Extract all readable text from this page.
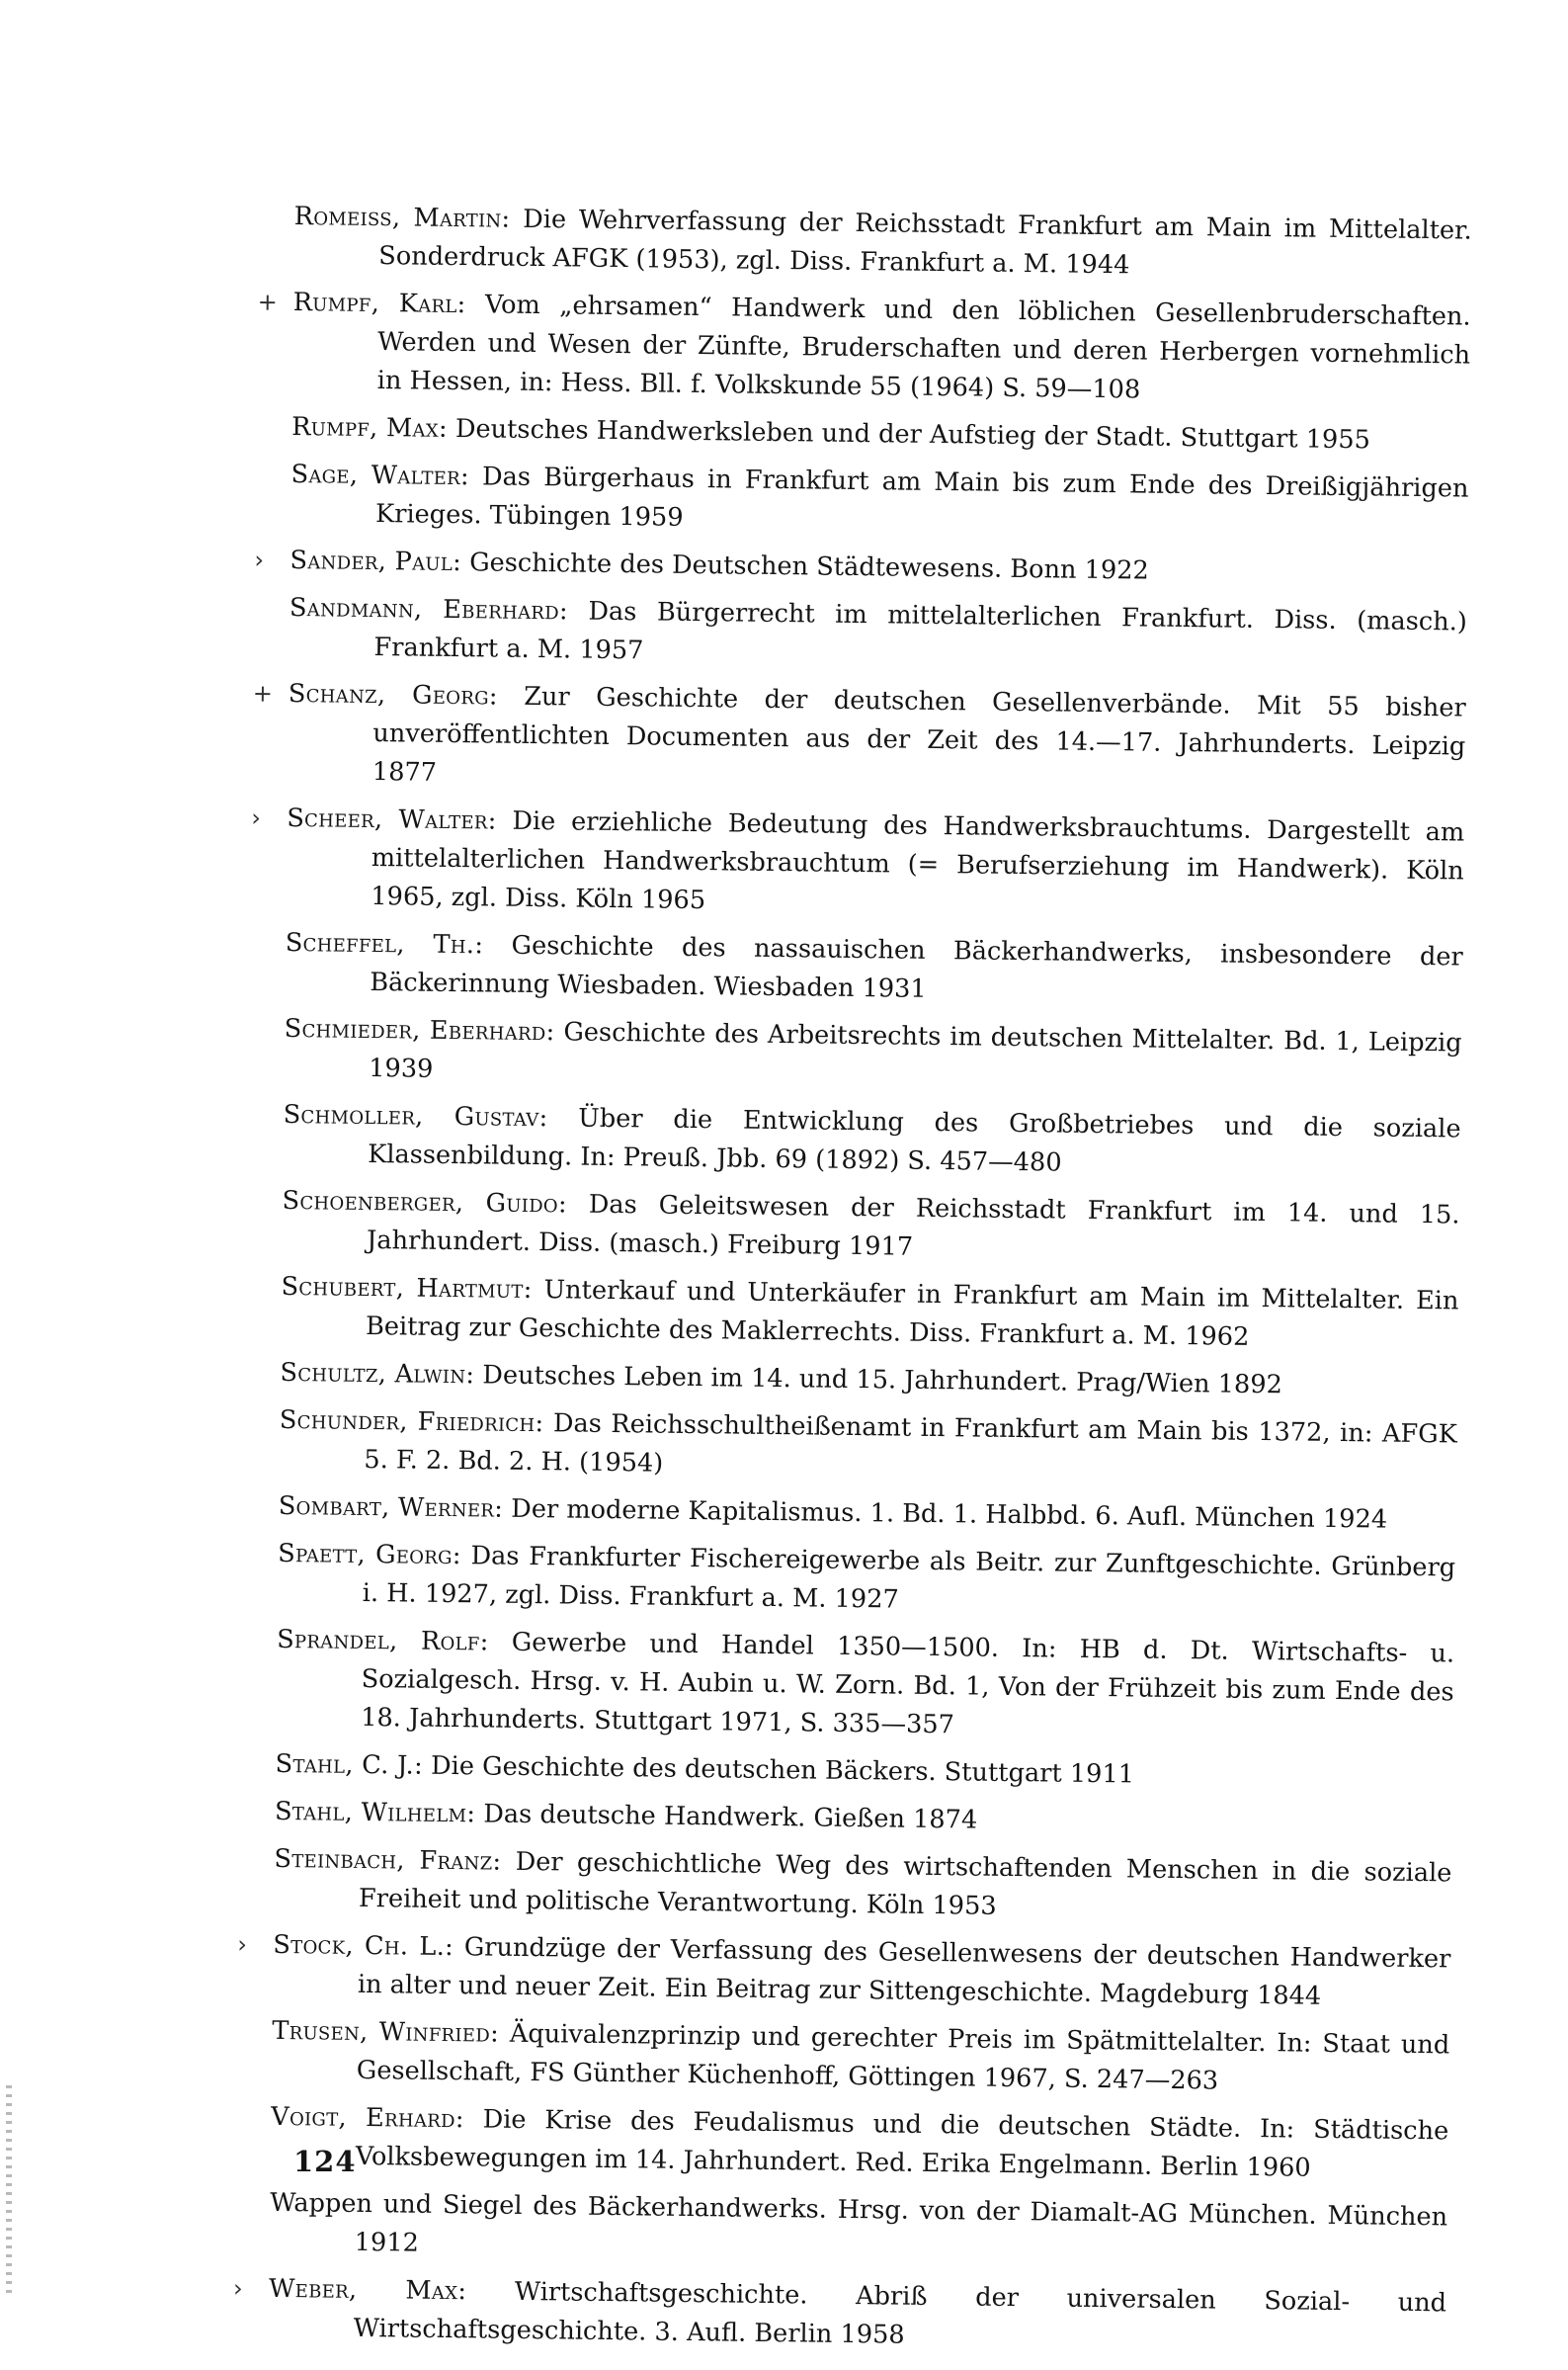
Romeiss, Martin: Die Wehrverfassung der Reichsstadt Frankfurt am Main im Mittelalter. Sonderdruck AFGK (1953), zgl. Diss. Frankfurt a. M. 1944
+ Rumpf, Karl: Vom „ehrsamen“ Handwerk und den löblichen Gesellenbruderschaften. Werden und Wesen der Zünfte, Bruderschaften und deren Herbergen vornehmlich in Hessen, in: Hess. Bll. f. Volkskunde 55 (1964) S. 59—108
Rumpf, Max: Deutsches Handwerksleben und der Aufstieg der Stadt. Stuttgart 1955
Sage, Walter: Das Bürgerhaus in Frankfurt am Main bis zum Ende des Dreißigjährigen Krieges. Tübingen 1959
› Sander, Paul: Geschichte des Deutschen Städtewesens. Bonn 1922
Sandmann, Eberhard: Das Bürgerrecht im mittelalterlichen Frankfurt. Diss. (masch.) Frankfurt a. M. 1957
+ Schanz, Georg: Zur Geschichte der deutschen Gesellenverbände. Mit 55 bisher unveröffentlichten Documenten aus der Zeit des 14.—17. Jahrhunderts. Leipzig 1877
› Scheer, Walter: Die erziehliche Bedeutung des Handwerksbrauchtums. Dargestellt am mittelalterlichen Handwerksbrauchtum (= Berufserziehung im Handwerk). Köln 1965, zgl. Diss. Köln 1965
Scheffel, Th.: Geschichte des nassauischen Bäckerhandwerks, insbesondere der Bäckerinnung Wiesbaden. Wiesbaden 1931
Schmieder, Eberhard: Geschichte des Arbeitsrechts im deutschen Mittelalter. Bd. 1, Leipzig 1939
Schmoller, Gustav: Über die Entwicklung des Großbetriebes und die soziale Klassenbildung. In: Preuß. Jbb. 69 (1892) S. 457—480
Schoenberger, Guido: Das Geleitswesen der Reichsstadt Frankfurt im 14. und 15. Jahrhundert. Diss. (masch.) Freiburg 1917
Schubert, Hartmut: Unterkauf und Unterkäufer in Frankfurt am Main im Mittelalter. Ein Beitrag zur Geschichte des Maklerrechts. Diss. Frankfurt a. M. 1962
Schultz, Alwin: Deutsches Leben im 14. und 15. Jahrhundert. Prag/Wien 1892
Schunder, Friedrich: Das Reichsschultheißenamt in Frankfurt am Main bis 1372, in: AFGK 5. F. 2. Bd. 2. H. (1954)
Sombart, Werner: Der moderne Kapitalismus. 1. Bd. 1. Halbbd. 6. Aufl. München 1924
Spaett, Georg: Das Frankfurter Fischereigewerbe als Beitr. zur Zunftgeschichte. Grünberg i. H. 1927, zgl. Diss. Frankfurt a. M. 1927
Sprandel, Rolf: Gewerbe und Handel 1350—1500. In: HB d. Dt. Wirtschafts- u. Sozialgesch. Hrsg. v. H. Aubin u. W. Zorn. Bd. 1, Von der Frühzeit bis zum Ende des 18. Jahrhunderts. Stuttgart 1971, S. 335—357
Stahl, C. J.: Die Geschichte des deutschen Bäckers. Stuttgart 1911
Stahl, Wilhelm: Das deutsche Handwerk. Gießen 1874
Steinbach, Franz: Der geschichtliche Weg des wirtschaftenden Menschen in die soziale Freiheit und politische Verantwortung. Köln 1953
› Stock, Ch. L.: Grundzüge der Verfassung des Gesellenwesens der deutschen Handwerker in alter und neuer Zeit. Ein Beitrag zur Sittengeschichte. Magdeburg 1844
Trusen, Winfried: Äquivalenzprinzip und gerechter Preis im Spätmittelalter. In: Staat und Gesellschaft, FS Günther Küchenhoff, Göttingen 1967, S. 247—263
Voigt, Erhard: Die Krise des Feudalismus und die deutschen Städte. In: Städtische Volksbewegungen im 14. Jahrhundert. Red. Erika Engelmann. Berlin 1960
Wappen und Siegel des Bäckerhandwerks. Hrsg. von der Diamalt-AG München. München 1912
› Weber, Max: Wirtschaftsgeschichte. Abriß der universalen Sozial- und Wirtschaftsgeschichte. 3. Aufl. Berlin 1958
124
